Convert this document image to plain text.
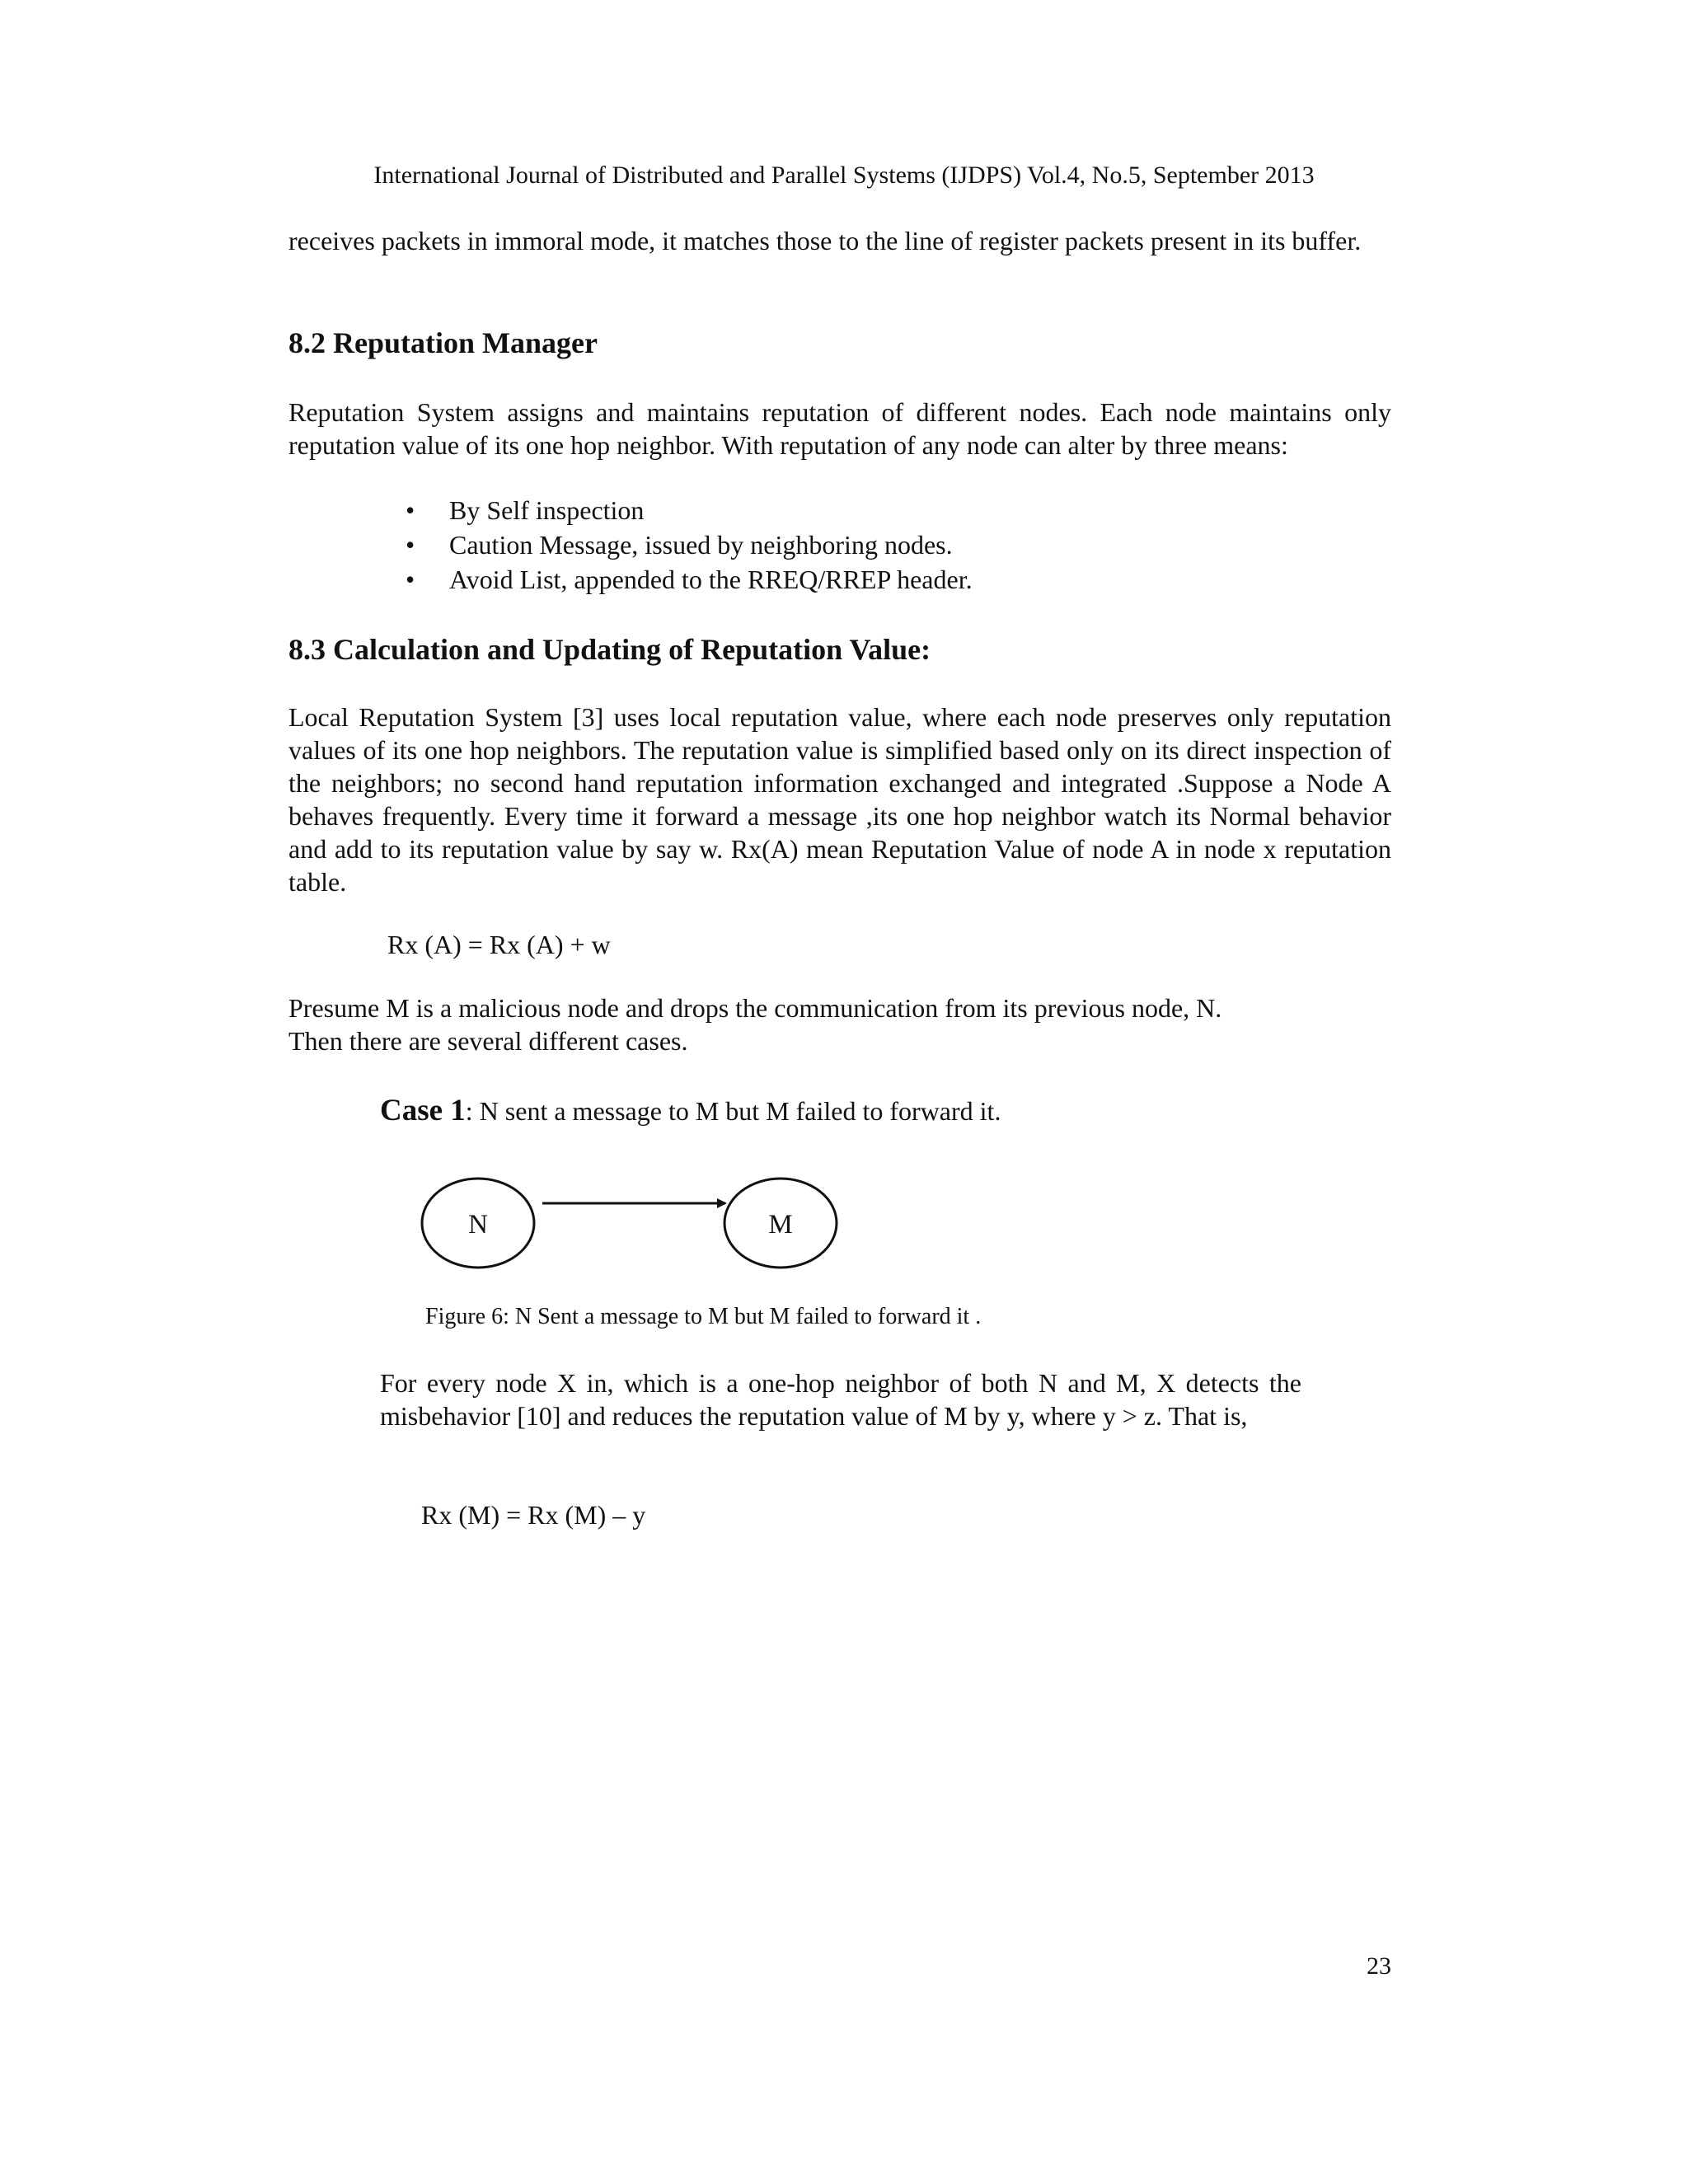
International Journal of Distributed and Parallel Systems (IJDPS) Vol.4, No.5, September 2013

receives packets in immoral mode, it matches those to the line of register packets present in its buffer.

8.2 Reputation Manager

Reputation System assigns and maintains reputation of different nodes. Each node maintains only reputation value of its one hop neighbor. With reputation of any node can alter by three means:

• By Self inspection
• Caution Message, issued by neighboring nodes.
• Avoid List, appended to the RREQ/RREP header.
8.3 Calculation and Updating of Reputation Value:

Local Reputation System [3] uses local reputation value, where each node preserves only reputation values of its one hop neighbors. The reputation value is simplified based only on its direct inspection of the neighbors; no second hand reputation information exchanged and integrated .Suppose a Node A behaves frequently. Every time it forward a message ,its one hop neighbor watch its Normal behavior and add to its reputation value by say w. Rx(A) mean Reputation Value of node A in node x reputation table.

Rx (A) = Rx (A) + w

Presume M is a malicious node and drops the communication from its previous node, N.

Then there are several different cases.

Case 1: N sent a message to M but M failed to forward it.

N	M

Figure 6: N Sent a message to M but M failed to forward it .

For every node X in, which is a one-hop neighbor of both N and M, X detects the misbehavior [10] and reduces the reputation value of M by y, where y > z. That is,

Rx (M) = Rx (M) – y

23
